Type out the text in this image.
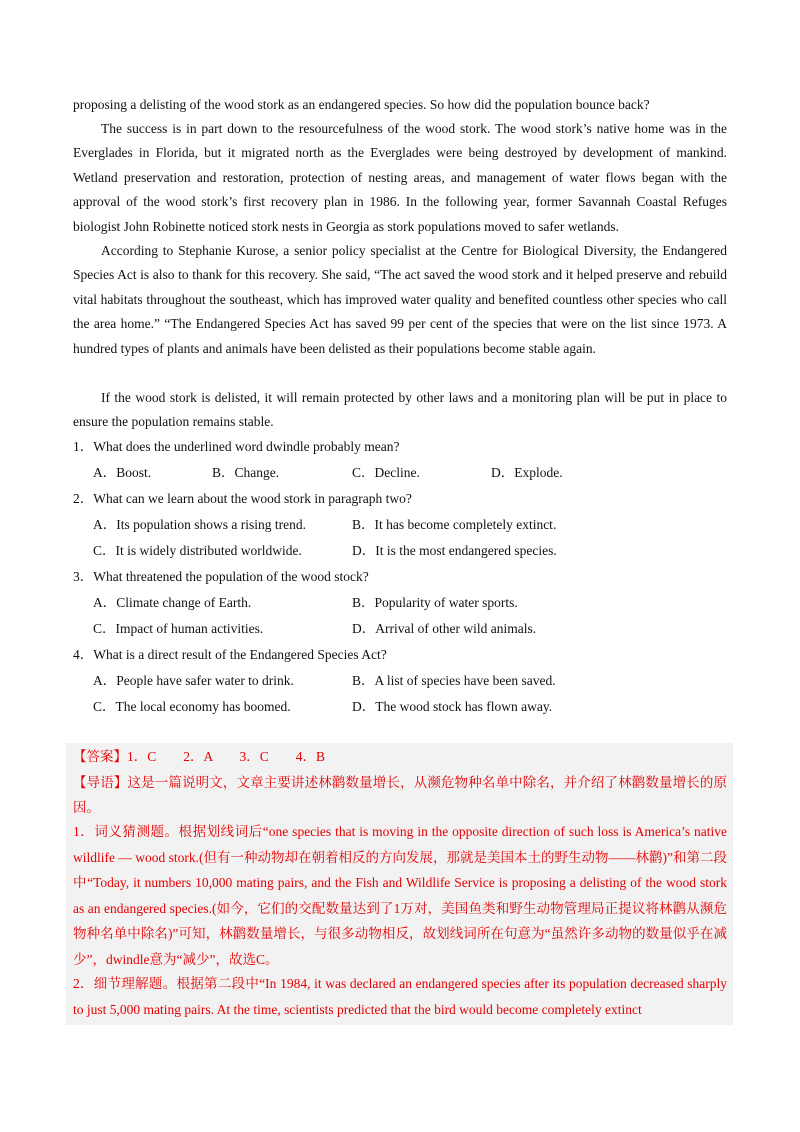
proposing a delisting of the wood stork as an endangered species. So how did the population bounce back?

The success is in part down to the resourcefulness of the wood stork. The wood stork’s native home was in the Everglades in Florida, but it migrated north as the Everglades were being destroyed by development of mankind. Wetland preservation and restoration, protection of nesting areas, and management of water flows began with the approval of the wood stork’s first recovery plan in 1986. In the following year, former Savannah Coastal Refuges biologist John Robinette noticed stork nests in Georgia as stork populations moved to safer wetlands.

According to Stephanie Kurose, a senior policy specialist at the Centre for Biological Diversity, the Endangered Species Act is also to thank for this recovery. She said, “The act saved the wood stork and it helped preserve and rebuild vital habitats throughout the southeast, which has improved water quality and benefited countless other species who call the area home.” “The Endangered Species Act has saved 99 per cent of the species that were on the list since 1973. A hundred types of plants and animals have been delisted as their populations become stable again.

If the wood stork is delisted, it will remain protected by other laws and a monitoring plan will be put in place to ensure the population remains stable.

1．What does the underlined word dwindle probably mean?
A．Boost.	B．Change.	C．Decline.	D．Explode.
2．What can we learn about the wood stork in paragraph two?
A．Its population shows a rising trend.	B．It has become completely extinct.
C．It is widely distributed worldwide.	D．It is the most endangered species.
3．What threatened the population of the wood stock?
A．Climate change of Earth.	B．Popularity of water sports.
C．Impact of human activities.	D．Arrival of other wild animals.
4．What is a direct result of the Endangered Species Act?
A．People have safer water to drink.	B．A list of species have been saved.
C．The local economy has boomed.	D．The wood stock has flown away.

【答案】1．C　　2．A　　3．C　　4．B

【导语】这是一篇说明文，文章主要讲述林鹳数量增长，从濒危物种名单中除名，并介绍了林鹳数量增长的原因。

1．词义猜测题。根据划线词后“one species that is moving in the opposite direction of such loss is America’s native wildlife — wood stork.(但有一种动物却在朝着相反的方向发展，那就是美国本土的野生动物——林鹳)”和第二段中“Today, it numbers 10,000 mating pairs, and the Fish and Wildlife Service is proposing a delisting of the wood stork as an endangered species.(如今，它们的交配数量达到了1万对，美国鱼类和野生动物管理局正提议将林鹳从濒危物种名单中除名)”可知，林鹳数量增长，与很多动物相反，故划线词所在句意为“虽然许多动物的数量似乎在减少”，dwindle意为“减少”，故选C。

2．细节理解题。根据第二段中“In 1984, it was declared an endangered species after its population decreased sharply to just 5,000 mating pairs. At the time, scientists predicted that the bird would become completely extinct
